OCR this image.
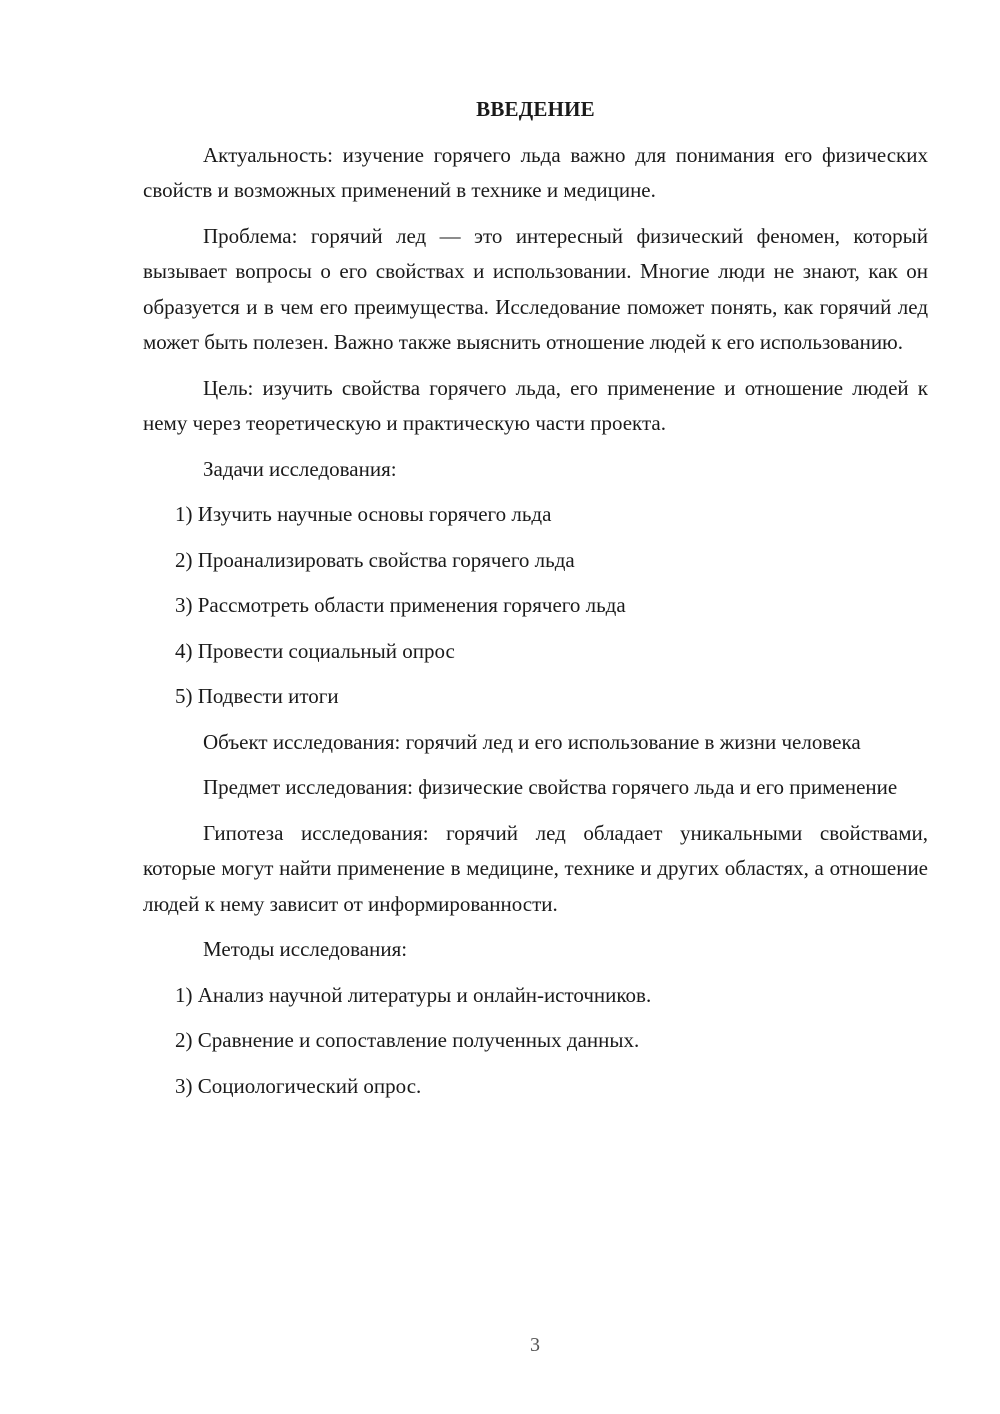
ВВЕДЕНИЕ

Актуальность: изучение горячего льда важно для понимания его физических свойств и возможных применений в технике и медицине.

Проблема: горячий лед — это интересный физический феномен, который вызывает вопросы о его свойствах и использовании. Многие люди не знают, как он образуется и в чем его преимущества. Исследование поможет понять, как горячий лед может быть полезен. Важно также выяснить отношение людей к его использованию.

Цель: изучить свойства горячего льда, его применение и отношение людей к нему через теоретическую и практическую части проекта.

Задачи исследования:

1) Изучить научные основы горячего льда

2) Проанализировать свойства горячего льда

3) Рассмотреть области применения горячего льда

4) Провести социальный опрос

5) Подвести итоги

Объект исследования: горячий лед и его использование в жизни человека

Предмет исследования: физические свойства горячего льда и его применение

Гипотеза исследования: горячий лед обладает уникальными свойствами, которые могут найти применение в медицине, технике и других областях, а отношение людей к нему зависит от информированности.

Методы исследования:

1) Анализ научной литературы и онлайн-источников.

2) Сравнение и сопоставление полученных данных.

3) Социологический опрос.

3
